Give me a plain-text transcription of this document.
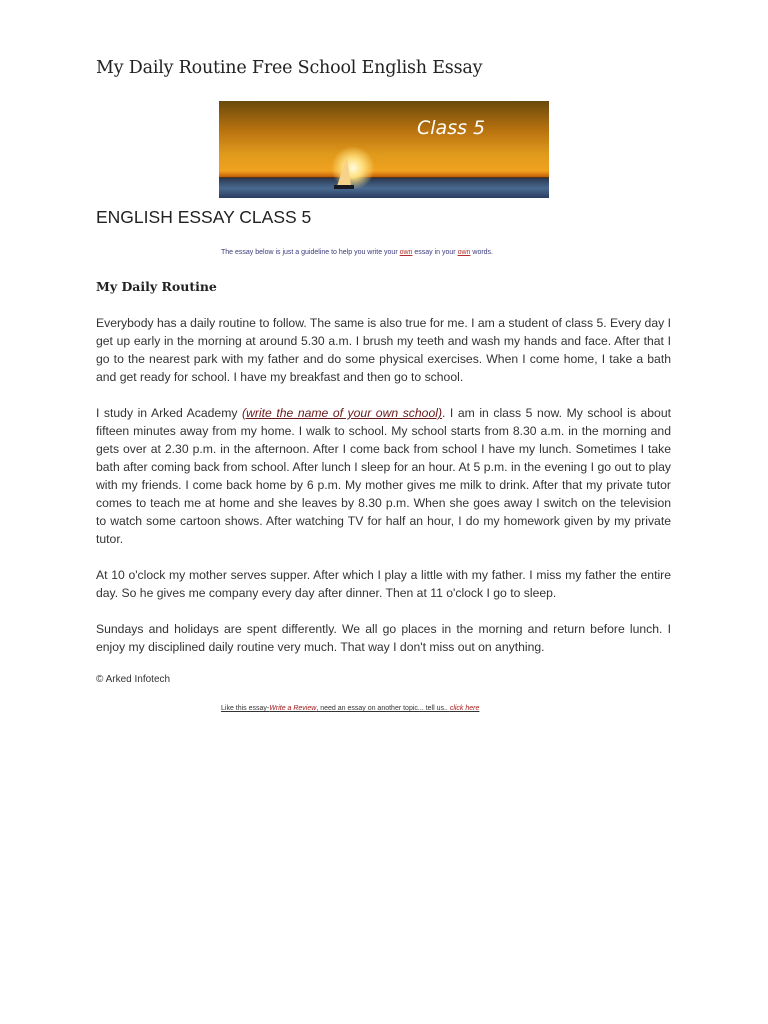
My Daily Routine Free School English Essay
Class 5
ENGLISH ESSAY CLASS 5
The essay below is just a guideline to help you write your own essay in your own words.
My Daily Routine

Everybody has a daily routine to follow. The same is also true for me. I am a student of class 5. Every day I get up early in the morning at around 5.30 a.m. I brush my teeth and wash my hands and face. After that I go to the nearest park with my father and do some physical exercises. When I come home, I take a bath and get ready for school. I have my breakfast and then go to school.

I study in Arked Academy (write the name of your own school). I am in class 5 now. My school is about fifteen minutes away from my home. I walk to school. My school starts from 8.30 a.m. in the morning and gets over at 2.30 p.m. in the afternoon. After I come back from school I have my lunch. Sometimes I take bath after coming back from school. After lunch I sleep for an hour. At 5 p.m. in the evening I go out to play with my friends. I come back home by 6 p.m. My mother gives me milk to drink. After that my private tutor comes to teach me at home and she leaves by 8.30 p.m. When she goes away I switch on the television to watch some cartoon shows. After watching TV for half an hour, I do my homework given by my private tutor.

At 10 o'clock my mother serves supper. After which I play a little with my father. I miss my father the entire day. So he gives me company every day after dinner. Then at 11 o'clock I go to sleep.

Sundays and holidays are spent differently. We all go places in the morning and return before lunch. I enjoy my disciplined daily routine very much. That way I don't miss out on anything.

© Arked Infotech
Like this essay-Write a Review, need an essay on another topic... tell us.. click here
